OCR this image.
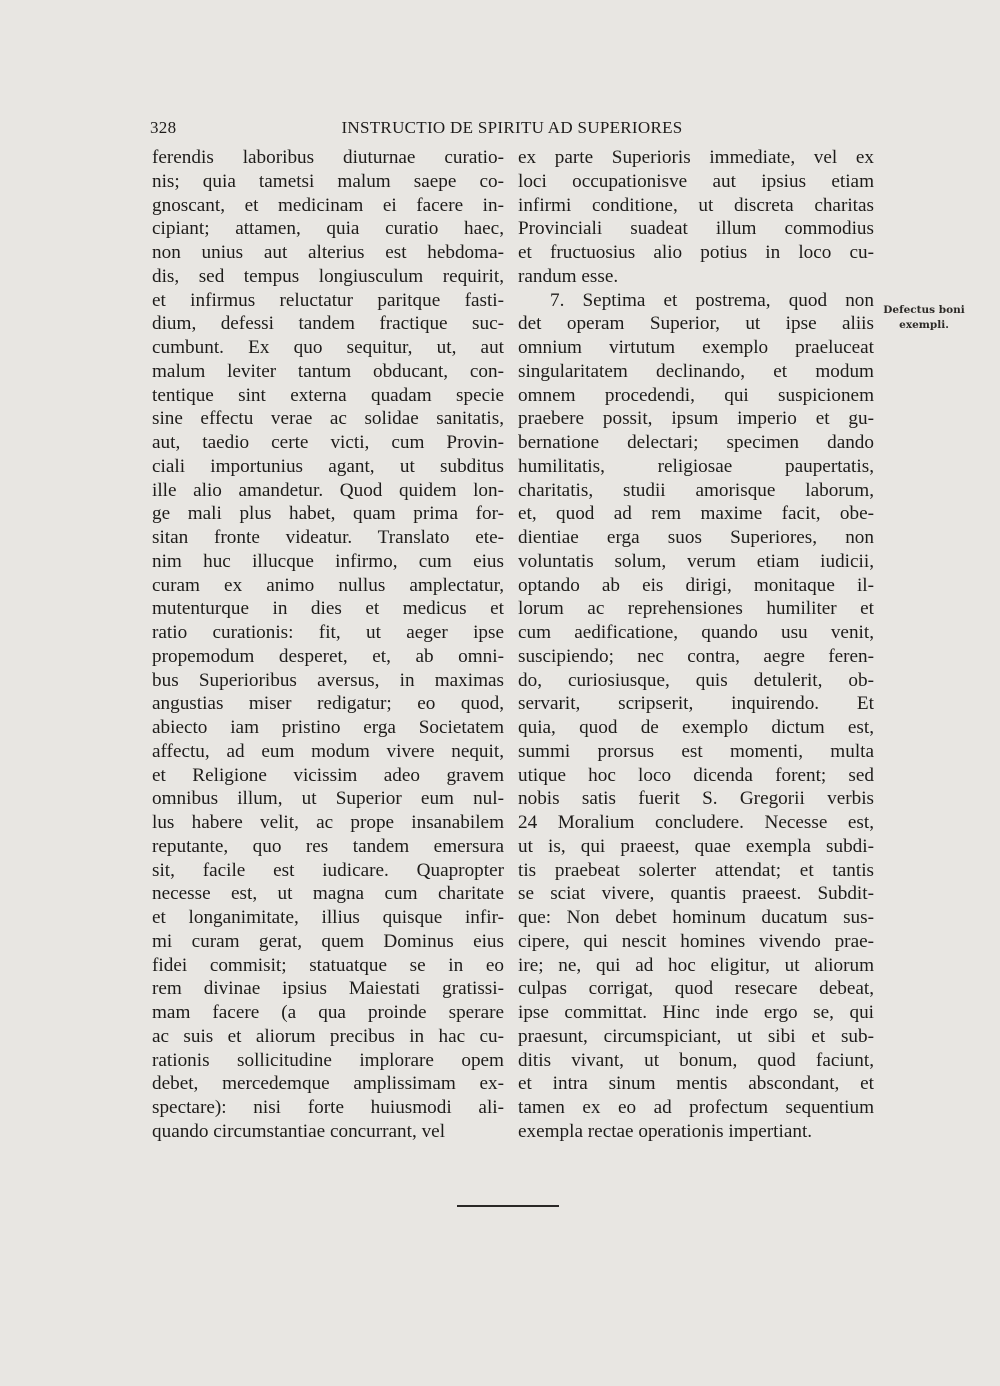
328	INSTRUCTIO DE SPIRITU AD SUPERIORES
ferendis laboribus diuturnae curatio-
nis; quia tametsi malum saepe co-
gnoscant, et medicinam ei facere in-
cipiant; attamen, quia curatio haec,
non unius aut alterius est hebdoma-
dis, sed tempus longiusculum requirit,
et infirmus reluctatur paritque fasti-
dium, defessi tandem fractique suc-
cumbunt. Ex quo sequitur, ut, aut
malum leviter tantum obducant, con-
tentique sint externa quadam specie
sine effectu verae ac solidae sanitatis,
aut, taedio certe victi, cum Provin-
ciali importunius agant, ut subditus
ille alio amandetur. Quod quidem lon-
ge mali plus habet, quam prima for-
sitan fronte videatur. Translato ete-
nim huc illucque infirmo, cum eius
curam ex animo nullus amplectatur,
mutenturque in dies et medicus et
ratio curationis: fit, ut aeger ipse
propemodum desperet, et, ab omni-
bus Superioribus aversus, in maximas
angustias miser redigatur; eo quod,
abiecto iam pristino erga Societatem
affectu, ad eum modum vivere nequit,
et Religione vicissim adeo gravem
omnibus illum, ut Superior eum nul-
lus habere velit, ac prope insanabilem
reputante, quo res tandem emersura
sit, facile est iudicare. Quapropter
necesse est, ut magna cum charitate
et longanimitate, illius quisque infir-
mi curam gerat, quem Dominus eius
fidei commisit; statuatque se in eo
rem divinae ipsius Maiestati gratissi-
mam facere (a qua proinde sperare
ac suis et aliorum precibus in hac cu-
rationis sollicitudine implorare opem
debet, mercedemque amplissimam ex-
spectare): nisi forte huiusmodi ali-
quando circumstantiae concurrant, vel
ex parte Superioris immediate, vel ex
loci occupationisve aut ipsius etiam
infirmi conditione, ut discreta charitas
Provinciali suadeat illum commodius
et fructuosius alio potius in loco cu-
randum esse.
7. Septima et postrema, quod non
det operam Superior, ut ipse aliis
omnium virtutum exemplo praeluceat
singularitatem declinando, et modum
omnem procedendi, qui suspicionem
praebere possit, ipsum imperio et gu-
bernatione delectari; specimen dando
humilitatis, religiosae paupertatis,
charitatis, studii amorisque laborum,
et, quod ad rem maxime facit, obe-
dientiae erga suos Superiores, non
voluntatis solum, verum etiam iudicii,
optando ab eis dirigi, monitaque il-
lorum ac reprehensiones humiliter et
cum aedificatione, quando usu venit,
suscipiendo; nec contra, aegre feren-
do, curiosiusque, quis detulerit, ob-
servarit, scripserit, inquirendo. Et
quia, quod de exemplo dictum est,
summi prorsus est momenti, multa
utique hoc loco dicenda forent; sed
nobis satis fuerit S. Gregorii verbis
24 Moralium concludere. Necesse est,
ut is, qui praeest, quae exempla subdi-
tis praebeat solerter attendat; et tantis
se sciat vivere, quantis praeest. Subdit-
que: Non debet hominum ducatum sus-
cipere, qui nescit homines vivendo prae-
ire; ne, qui ad hoc eligitur, ut aliorum
culpas corrigat, quod resecare debeat,
ipse committat. Hinc inde ergo se, qui
praesunt, circumspiciant, ut sibi et sub-
ditis vivant, ut bonum, quod faciunt,
et intra sinum mentis abscondant, et
tamen ex eo ad profectum sequentium
exempla rectae operationis impertiant.
Defectus boni
exempli.
